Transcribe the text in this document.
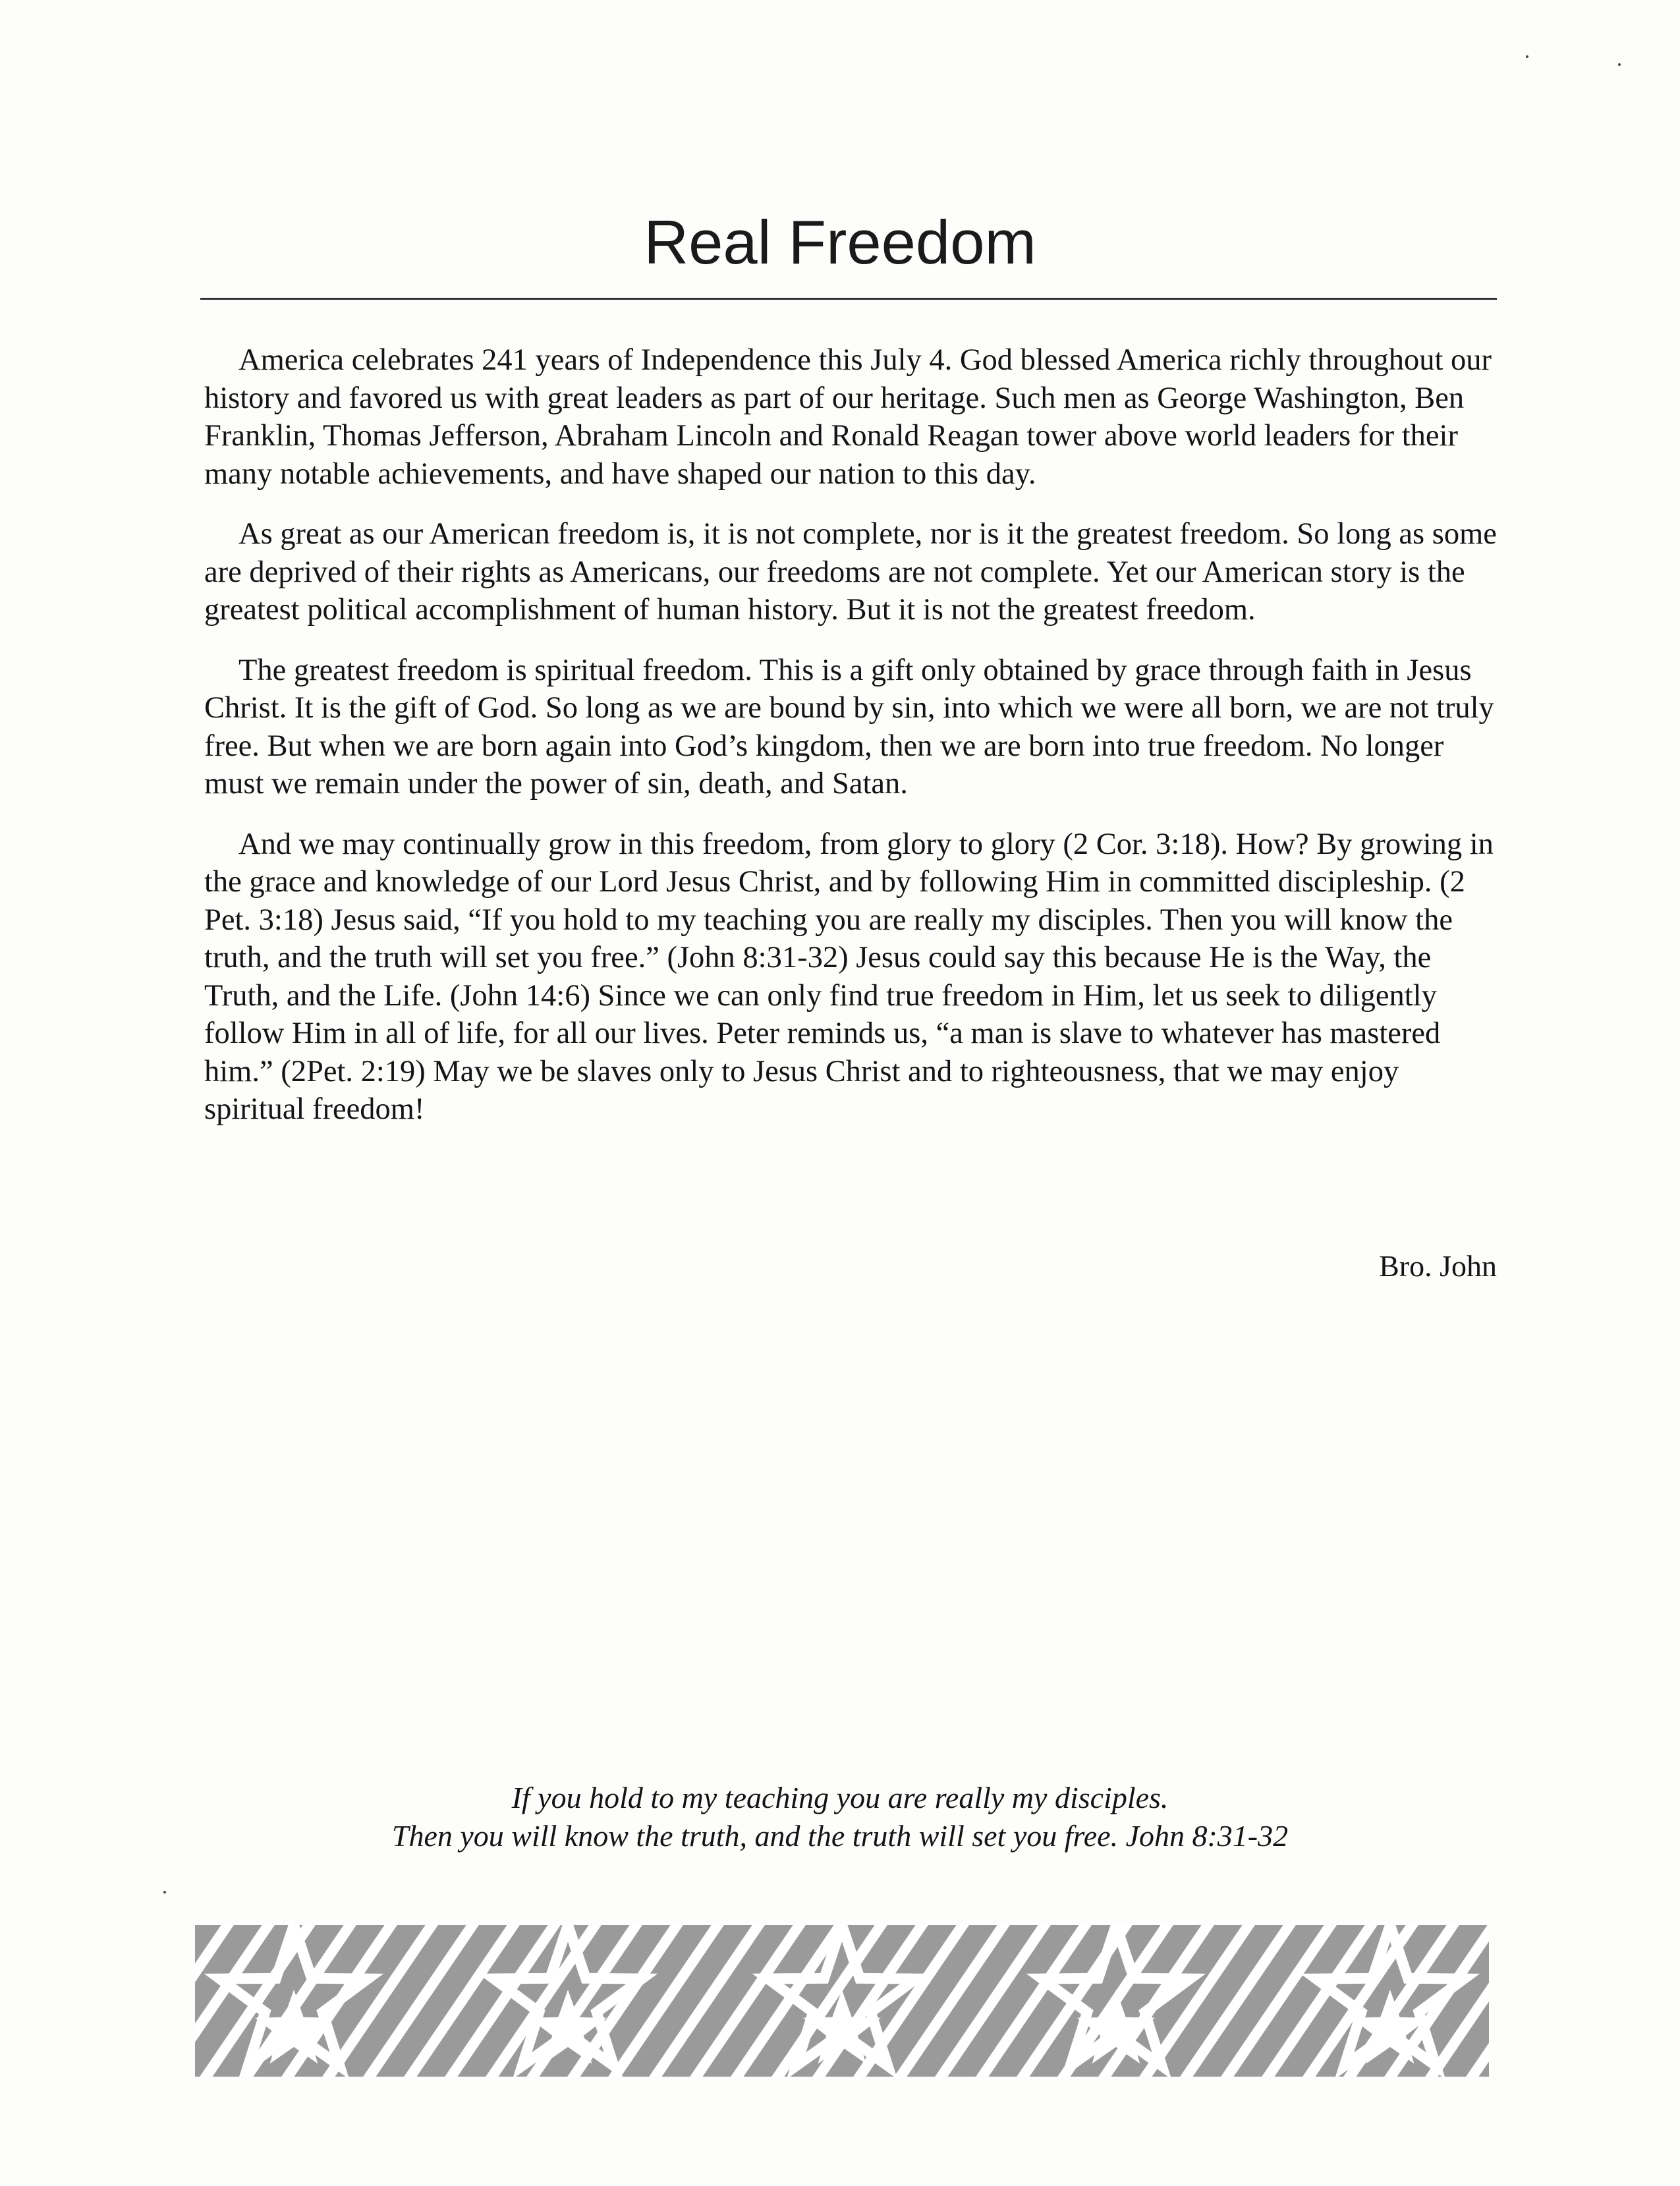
Real Freedom

America celebrates 241 years of Independence this July 4. God blessed America richly throughout our history and favored us with great leaders as part of our heritage. Such men as George Washington, Ben Franklin, Thomas Jefferson, Abraham Lincoln and Ronald Reagan tower above world leaders for their many notable achievements, and have shaped our nation to this day.

As great as our American freedom is, it is not complete, nor is it the greatest freedom. So long as some are deprived of their rights as Americans, our freedoms are not complete. Yet our American story is the greatest political accomplishment of human history. But it is not the greatest freedom.

The greatest freedom is spiritual freedom. This is a gift only obtained by grace through faith in Jesus Christ. It is the gift of God. So long as we are bound by sin, into which we were all born, we are not truly free. But when we are born again into God’s kingdom, then we are born into true freedom. No longer must we remain under the power of sin, death, and Satan.

And we may continually grow in this freedom, from glory to glory (2 Cor. 3:18). How? By growing in the grace and knowledge of our Lord Jesus Christ, and by following Him in committed discipleship. (2 Pet. 3:18) Jesus said, “If you hold to my teaching you are really my disciples. Then you will know the truth, and the truth will set you free.” (John 8:31-32) Jesus could say this because He is the Way, the Truth, and the Life. (John 14:6) Since we can only find true freedom in Him, let us seek to diligently follow Him in all of life, for all our lives. Peter reminds us, “a man is slave to whatever has mastered him.” (2Pet. 2:19) May we be slaves only to Jesus Christ and to righteousness, that we may enjoy spiritual freedom!

Bro. John
If you hold to my teaching you are really my disciples.
Then you will know the truth, and the truth will set you free. John 8:31-32
